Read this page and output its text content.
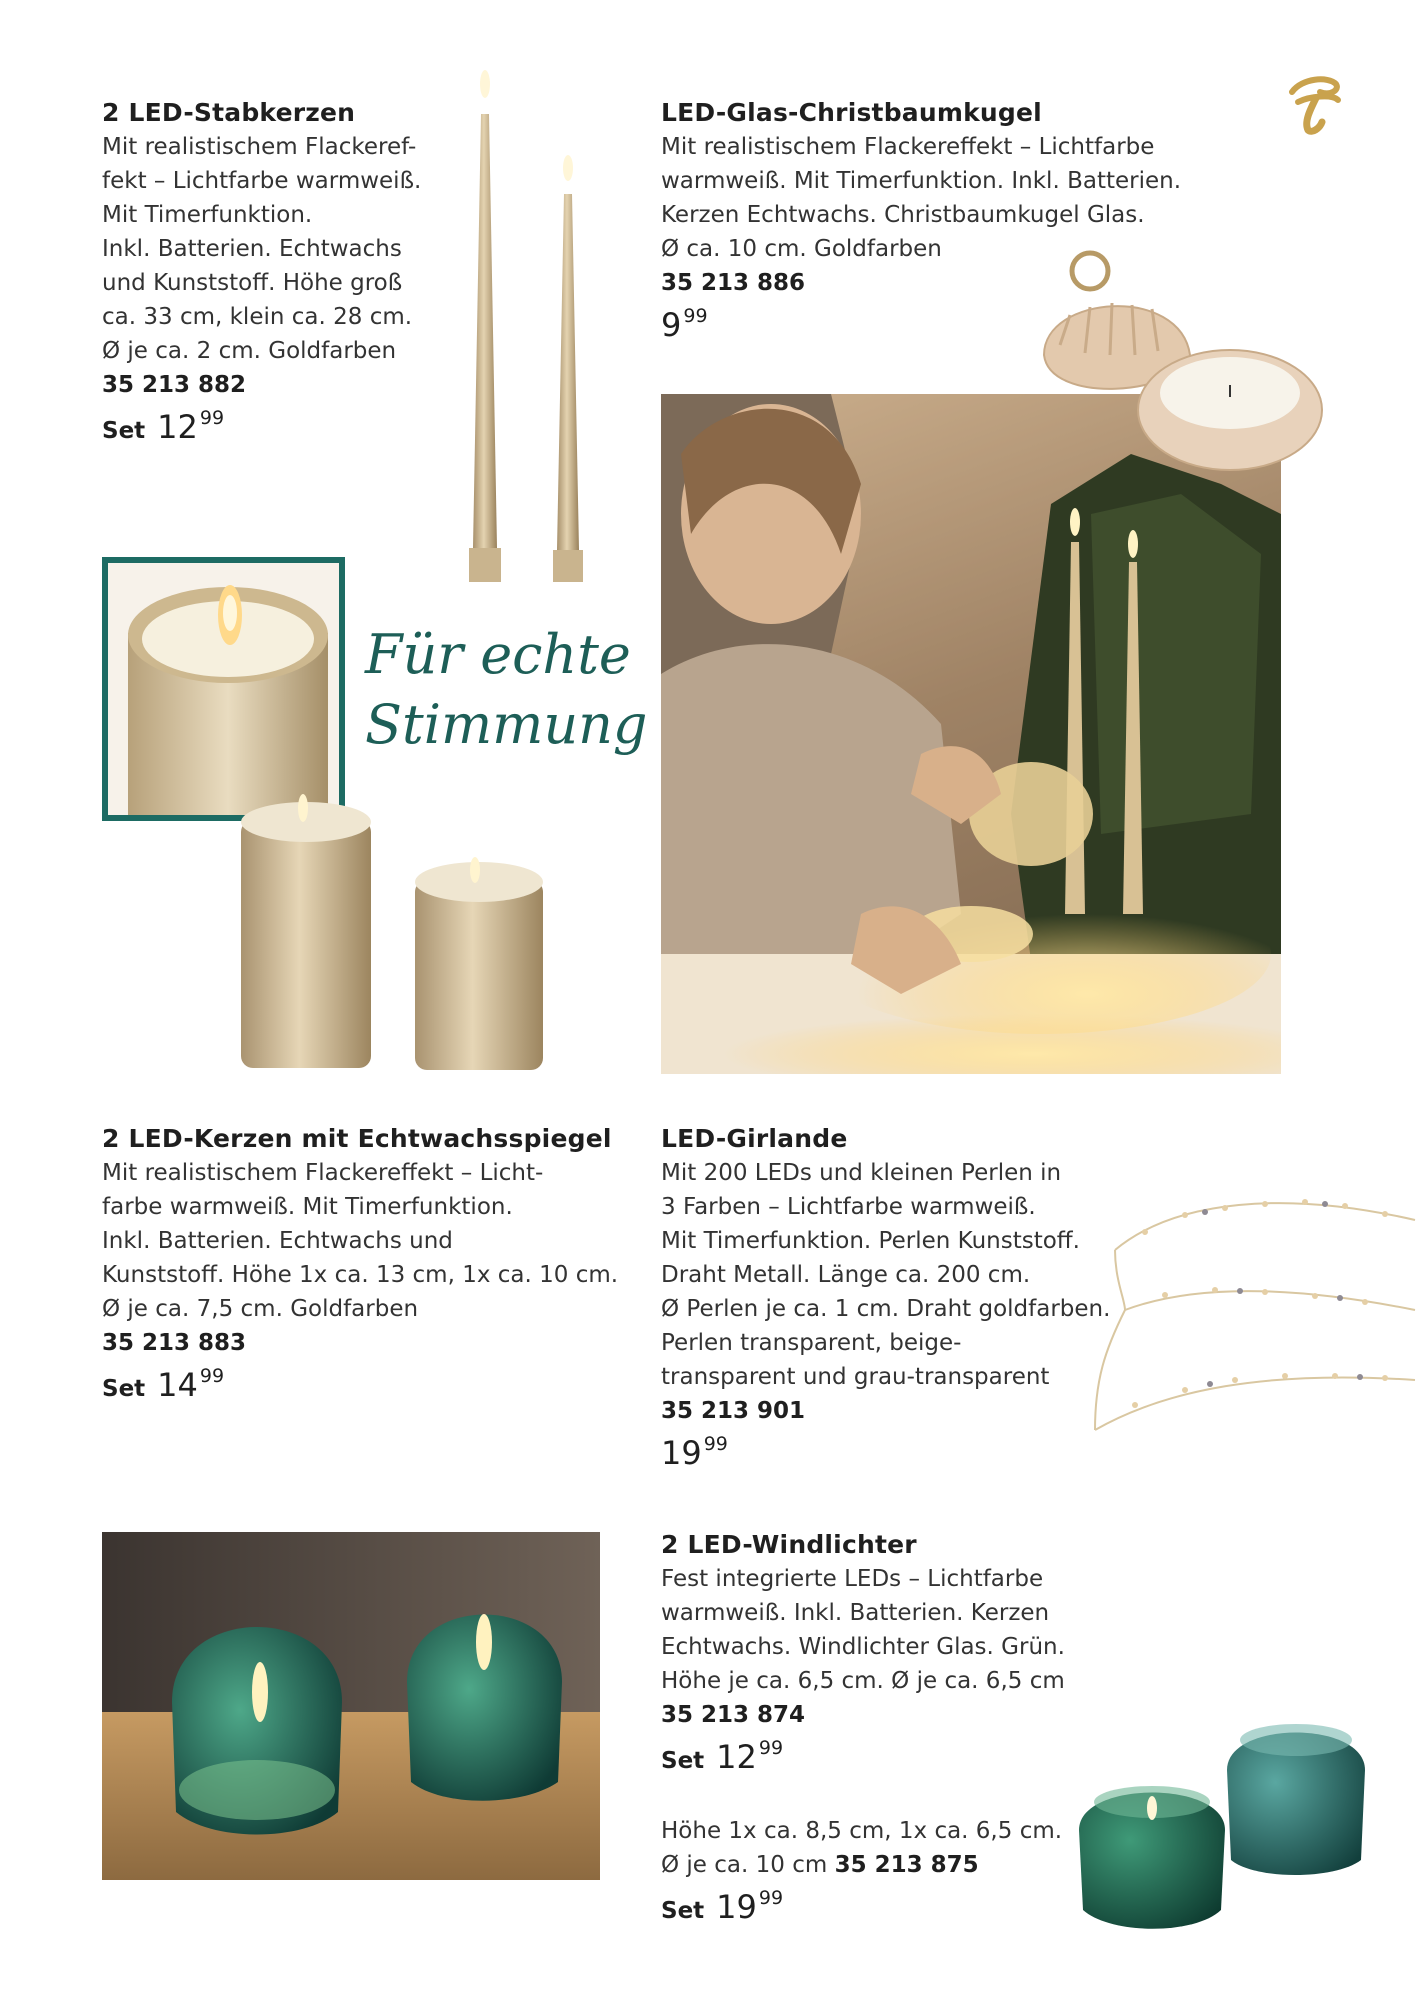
2 LED-Stabkerzen
Mit realistischem Flackeref-
fekt – Lichtfarbe warmweiß.
Mit Timerfunktion.
Inkl. Batterien. Echtwachs
und Kunststoff. Höhe groß
ca. 33 cm, klein ca. 28 cm.
Ø je ca. 2 cm. Goldfarben
35 213 882
Set 12 99
LED-Glas-Christbaumkugel
Mit realistischem Flackereffekt – Lichtfarbe
warmweiß. Mit Timerfunktion. Inkl. Batterien.
Kerzen Echtwachs. Christbaumkugel Glas.
Ø ca. 10 cm. Goldfarben
35 213 886
9 99
Für echte
Stimmung
2 LED-Kerzen mit Echtwachsspiegel
Mit realistischem Flackereffekt – Licht-
farbe warmweiß. Mit Timerfunktion.
Inkl. Batterien. Echtwachs und
Kunststoff. Höhe 1x ca. 13 cm, 1x ca. 10 cm.
Ø je ca. 7,5 cm. Goldfarben
35 213 883
Set 14 99
LED-Girlande
Mit 200 LEDs und kleinen Perlen in
3 Farben – Lichtfarbe warmweiß.
Mit Timerfunktion. Perlen Kunststoff.
Draht Metall. Länge ca. 200 cm.
Ø Perlen je ca. 1 cm. Draht goldfarben.
Perlen transparent, beige-
transparent und grau-transparent
35 213 901
19 99
2 LED-Windlichter
Fest integrierte LEDs – Lichtfarbe
warmweiß. Inkl. Batterien. Kerzen
Echtwachs. Windlichter Glas. Grün.
Höhe je ca. 6,5 cm. Ø je ca. 6,5 cm
35 213 874
Set 12 99
Höhe 1x ca. 8,5 cm, 1x ca. 6,5 cm.
Ø je ca. 10 cm 35 213 875
Set 19 99
